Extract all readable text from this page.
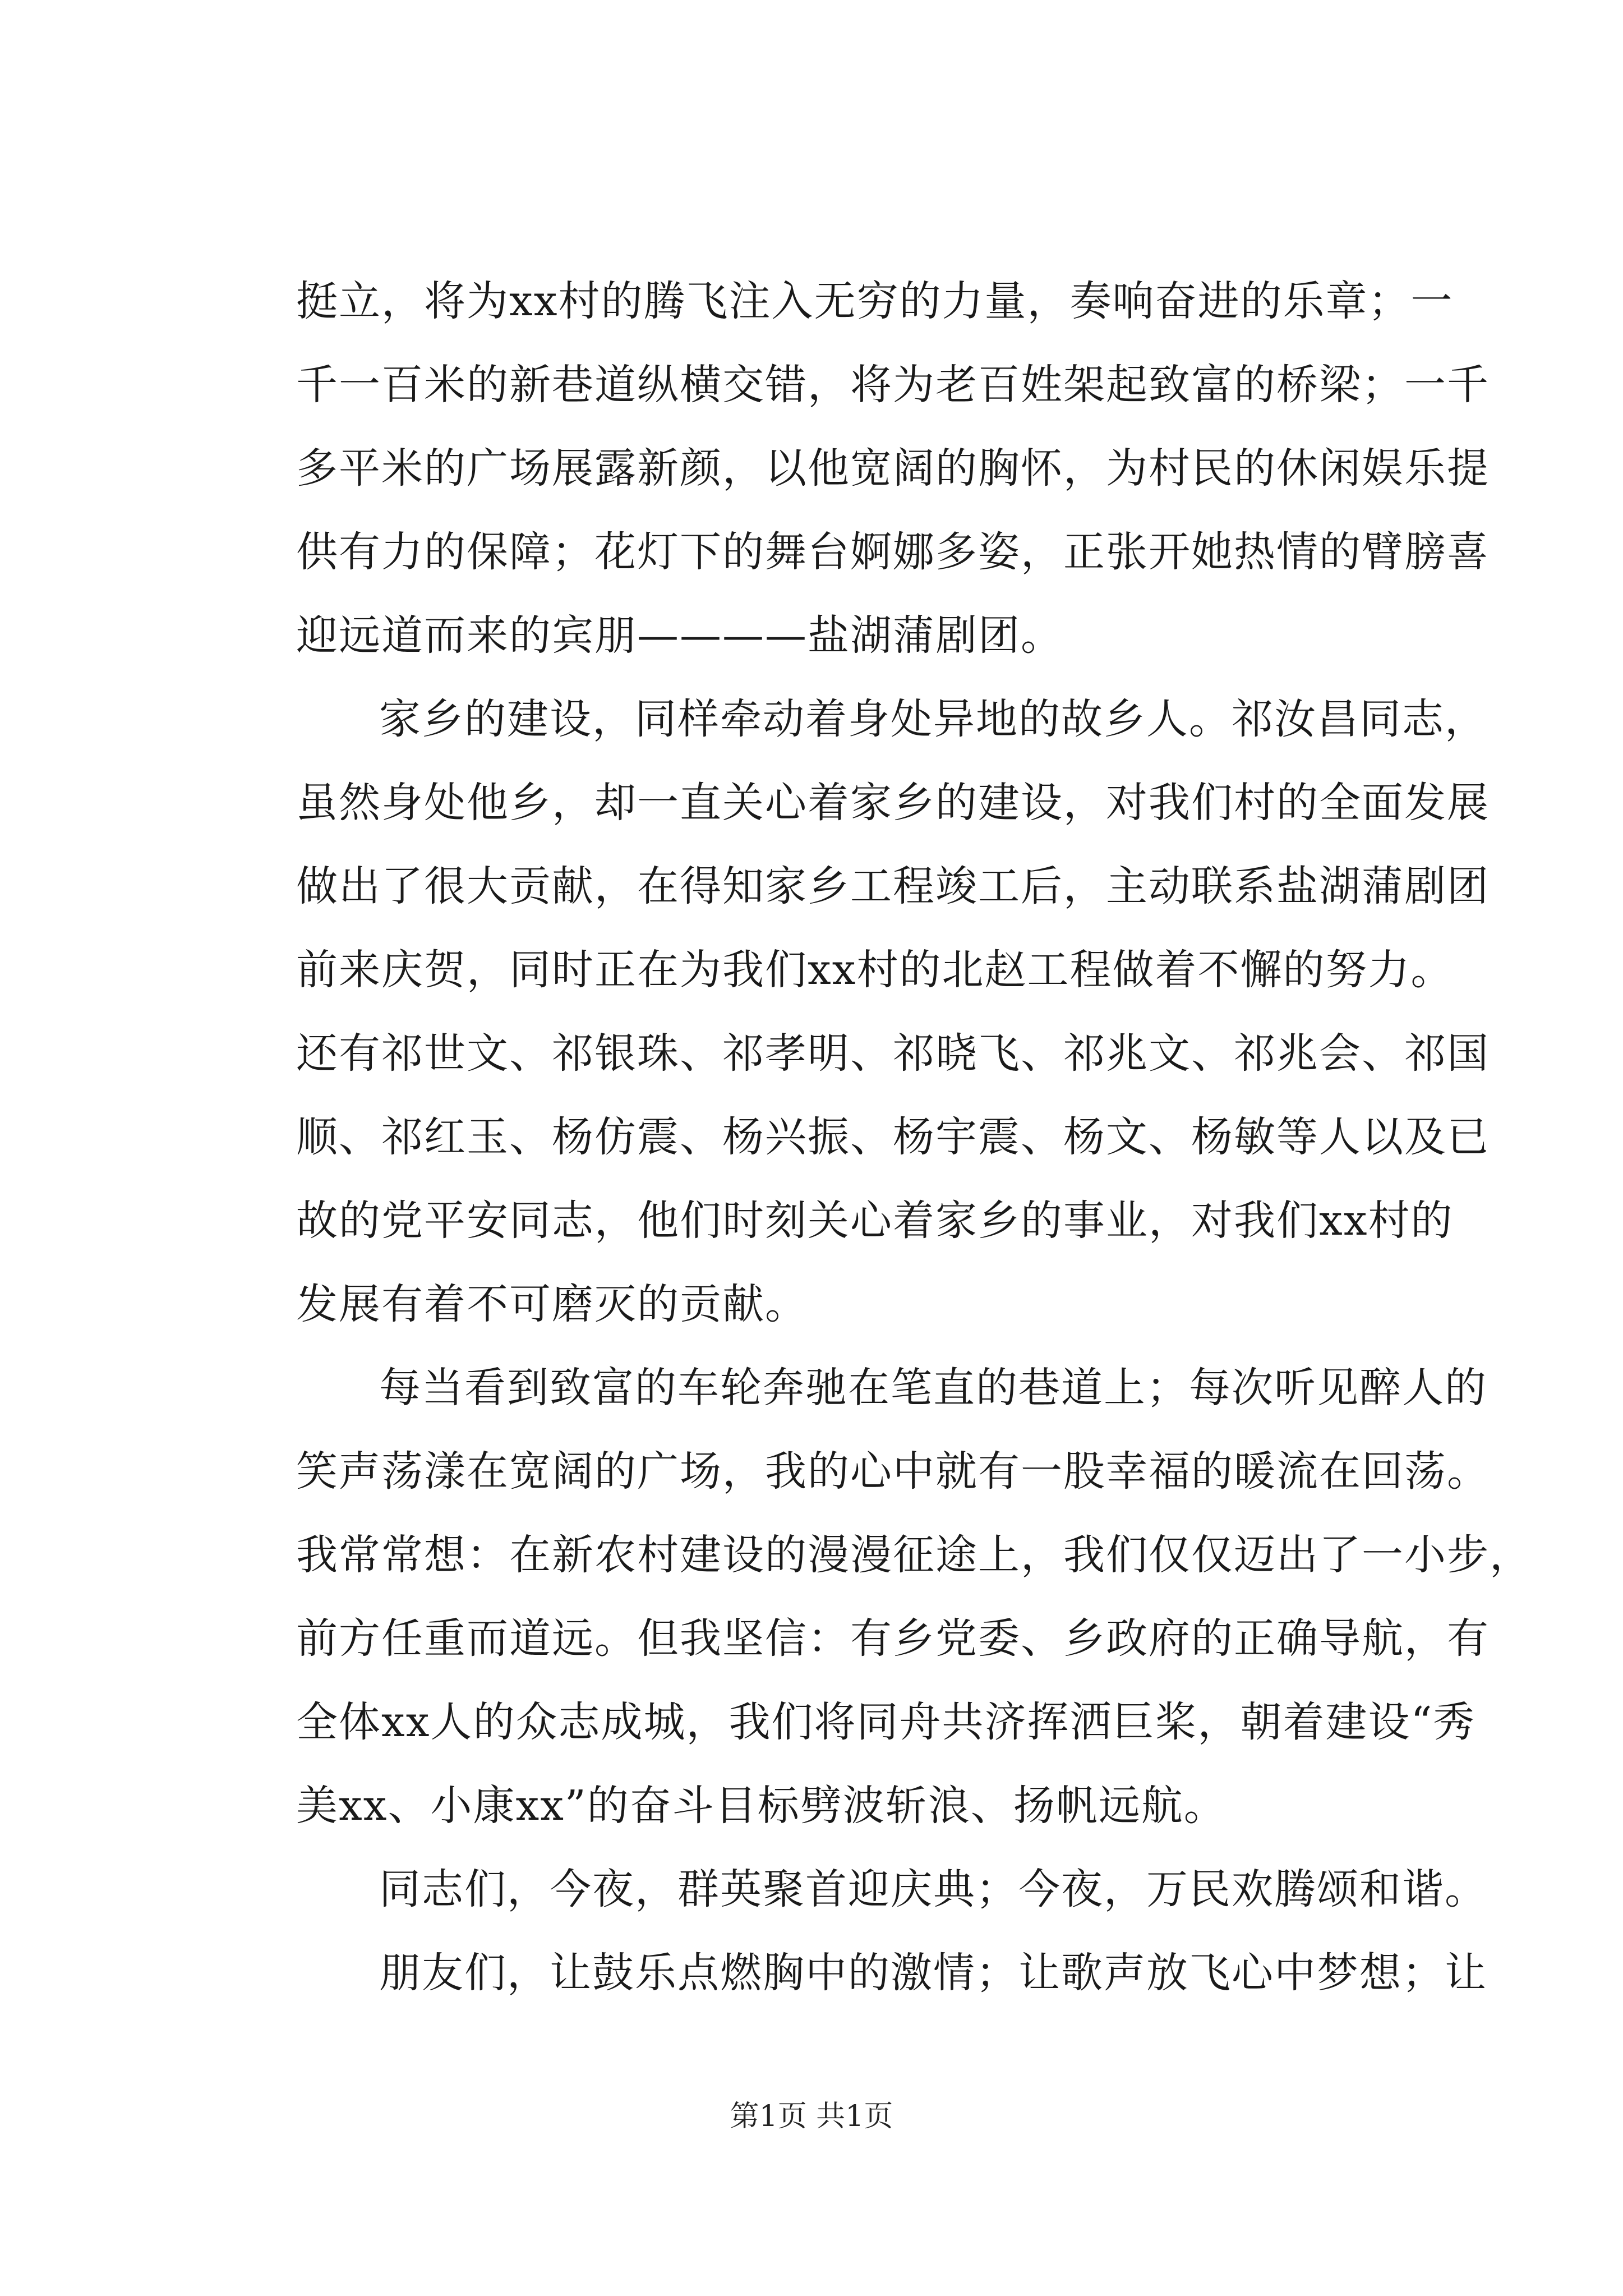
挺立，将为xx村的腾飞注入无穷的力量，奏响奋进的乐章；一
千一百米的新巷道纵横交错，将为老百姓架起致富的桥梁；一千
多平米的广场展露新颜，以他宽阔的胸怀，为村民的休闲娱乐提
供有力的保障；花灯下的舞台婀娜多姿，正张开她热情的臂膀喜
迎远道而来的宾朋————盐湖蒲剧团。
家乡的建设，同样牵动着身处异地的故乡人。祁汝昌同志，
虽然身处他乡，却一直关心着家乡的建设，对我们村的全面发展
做出了很大贡献，在得知家乡工程竣工后，主动联系盐湖蒲剧团
前来庆贺，同时正在为我们xx村的北赵工程做着不懈的努力。
还有祁世文、祁银珠、祁孝明、祁晓飞、祁兆文、祁兆会、祁国
顺、祁红玉、杨仿震、杨兴振、杨宇震、杨文、杨敏等人以及已
故的党平安同志，他们时刻关心着家乡的事业，对我们xx村的
发展有着不可磨灭的贡献。
每当看到致富的车轮奔驰在笔直的巷道上；每次听见醉人的
笑声荡漾在宽阔的广场，我的心中就有一股幸福的暖流在回荡。
我常常想：在新农村建设的漫漫征途上，我们仅仅迈出了一小步，
前方任重而道远。但我坚信：有乡党委、乡政府的正确导航，有
全体xx人的众志成城，我们将同舟共济挥洒巨桨，朝着建设“秀
美xx、小康xx”的奋斗目标劈波斩浪、扬帆远航。
同志们，今夜，群英聚首迎庆典；今夜，万民欢腾颂和谐。
朋友们，让鼓乐点燃胸中的激情；让歌声放飞心中梦想；让
第1页 共1页
